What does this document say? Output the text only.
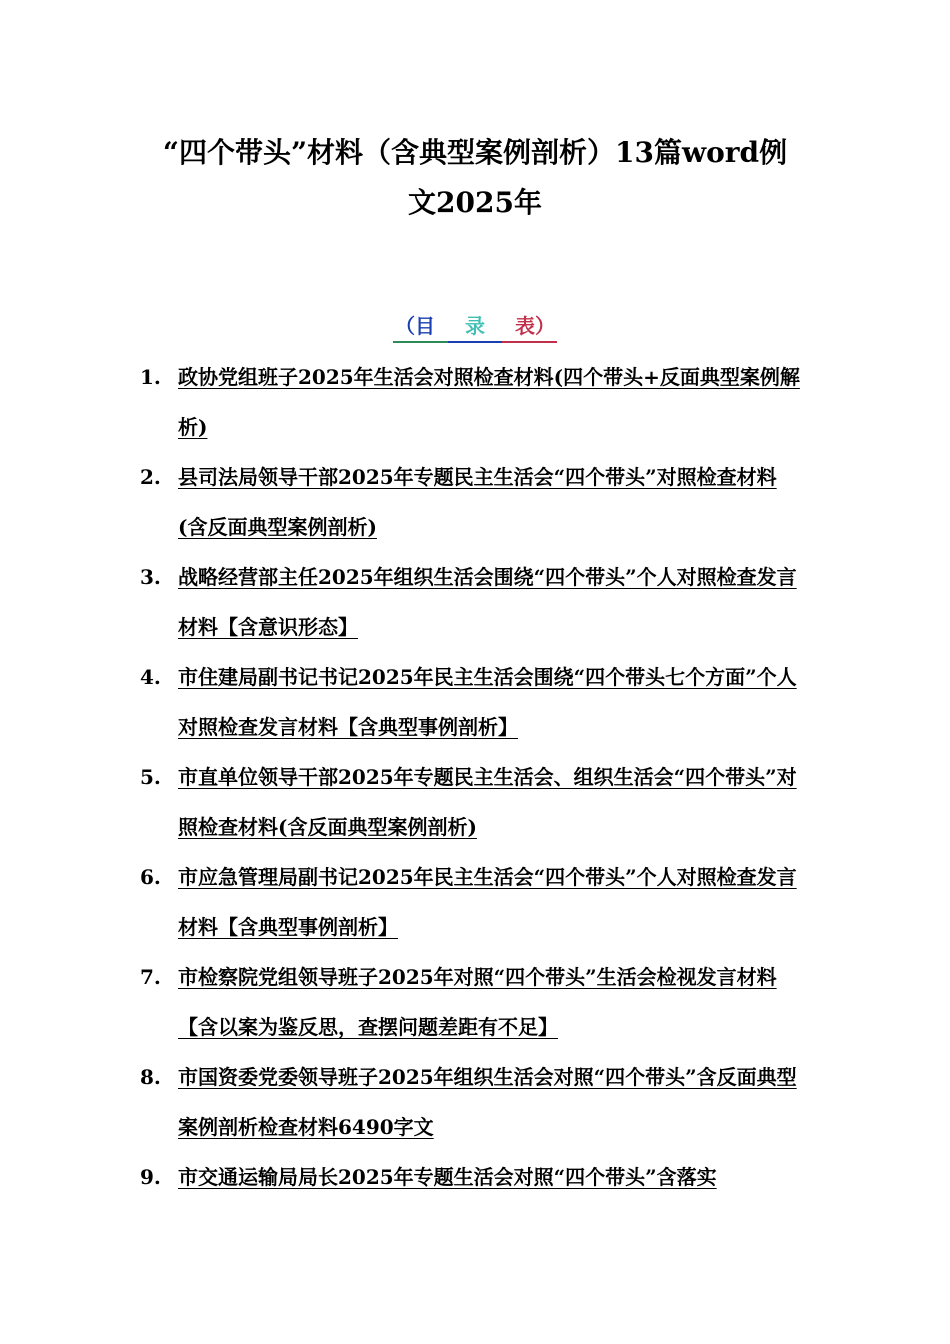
“四个带头”材料（含典型案例剖析）13篇word例
文2025年
（目   录   表）
1. 政协党组班子2025年生活会对照检查材料(四个带头+反面典型案例解析)
2. 县司法局领导干部2025年专题民主生活会“四个带头”对照检查材料(含反面典型案例剖析)
3. 战略经营部主任2025年组织生活会围绕“四个带头”个人对照检查发言材料【含意识形态】
4. 市住建局副书记书记2025年民主生活会围绕“四个带头七个方面”个人对照检查发言材料【含典型事例剖析】
5. 市直单位领导干部2025年专题民主生活会、组织生活会“四个带头”对照检查材料(含反面典型案例剖析)
6. 市应急管理局副书记2025年民主生活会“四个带头”个人对照检查发言材料【含典型事例剖析】
7. 市检察院党组领导班子2025年对照“四个带头”生活会检视发言材料【含以案为鉴反思，查摆问题差距有不足】
8. 市国资委党委领导班子2025年组织生活会对照“四个带头”含反面典型案例剖析检查材料6490字文
9. 市交通运输局局长2025年专题生活会对照“四个带头”含落实
